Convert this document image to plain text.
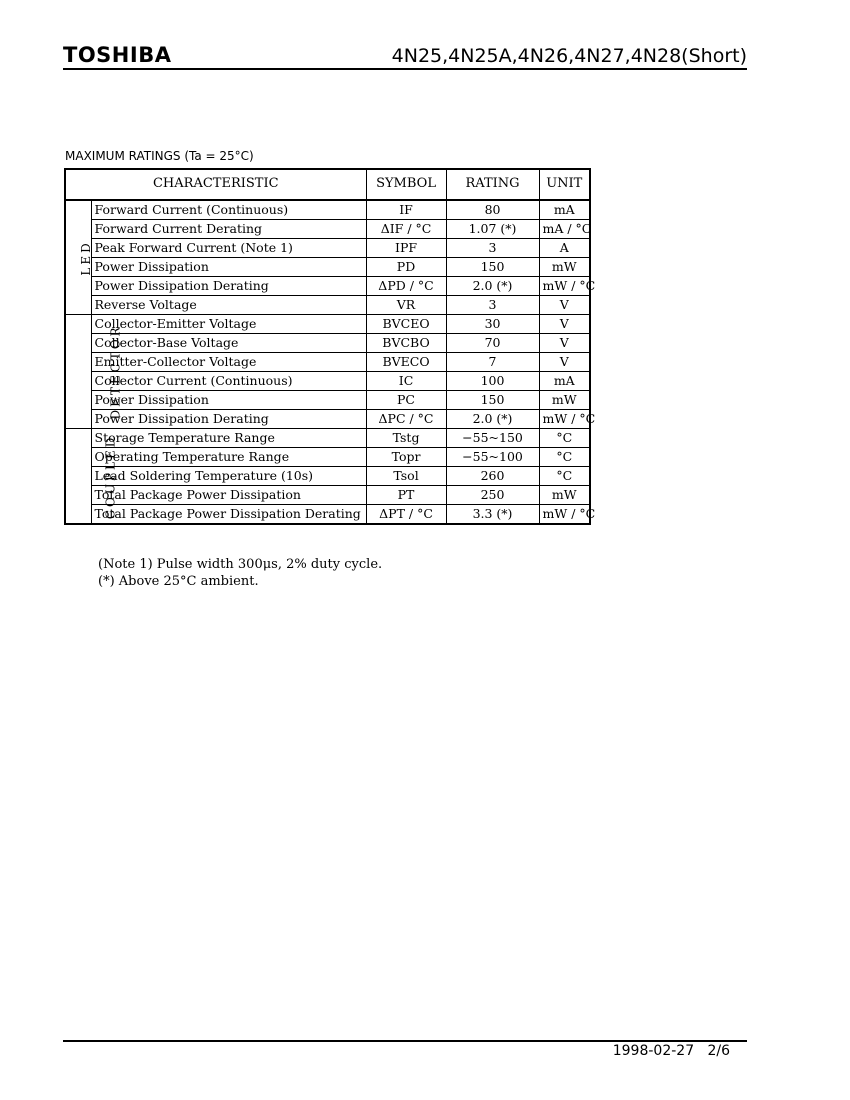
TOSHIBA	4N25,4N25A,4N26,4N27,4N28(Short)
MAXIMUM RATINGS (Ta = 25°C)
CHARACTERISTIC		SYMBOL	RATING	UNIT
LED	Forward Current (Continuous)	IF	80	mA
	Forward Current Derating	ΔIF / °C	1.07 (*)	mA / °C
	Peak Forward Current (Note 1)	IPF	3	A
	Power Dissipation	PD	150	mW
	Power Dissipation Derating	ΔPD / °C	2.0 (*)	mW / °C
	Reverse Voltage	VR	3	V
DETECTOR	Collector-Emitter Voltage	BVCEO	30	V
	Collector-Base Voltage	BVCBO	70	V
	Emitter-Collector Voltage	BVECO	7	V
	Collector Current (Continuous)	IC	100	mA
	Power Dissipation	PC	150	mW
	Power Dissipation Derating	ΔPC / °C	2.0 (*)	mW / °C
COUPLED	Storage Temperature Range	Tstg	−55~150	°C
	Operating Temperature Range	Topr	−55~100	°C
	Lead Soldering Temperature (10s)	Tsol	260	°C
	Total Package Power Dissipation	PT	250	mW
	Total Package Power Dissipation Derating	ΔPT / °C	3.3 (*)	mW / °C
(Note 1) Pulse width 300μs, 2% duty cycle.
(*) Above 25°C ambient.
1998-02-27 2/6
